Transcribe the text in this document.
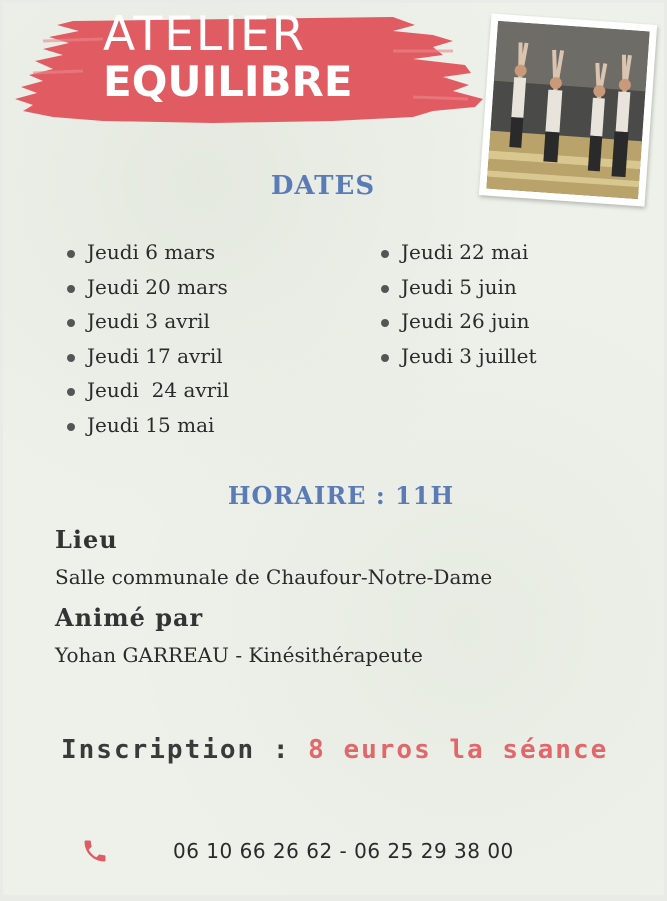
ATELIER
EQUILIBRE
DATES
Jeudi 6 mars
Jeudi 20 mars
Jeudi 3 avril
Jeudi 17 avril
Jeudi  24 avril
Jeudi 15 mai
Jeudi 22 mai
Jeudi 5 juin
Jeudi 26 juin
Jeudi 3 juillet
HORAIRE : 11H
Lieu
Salle communale de Chaufour-Notre-Dame
Animé par
Yohan GARREAU - Kinésithérapeute
Inscription : 8 euros la séance
06 10 66 26 62 - 06 25 29 38 00
